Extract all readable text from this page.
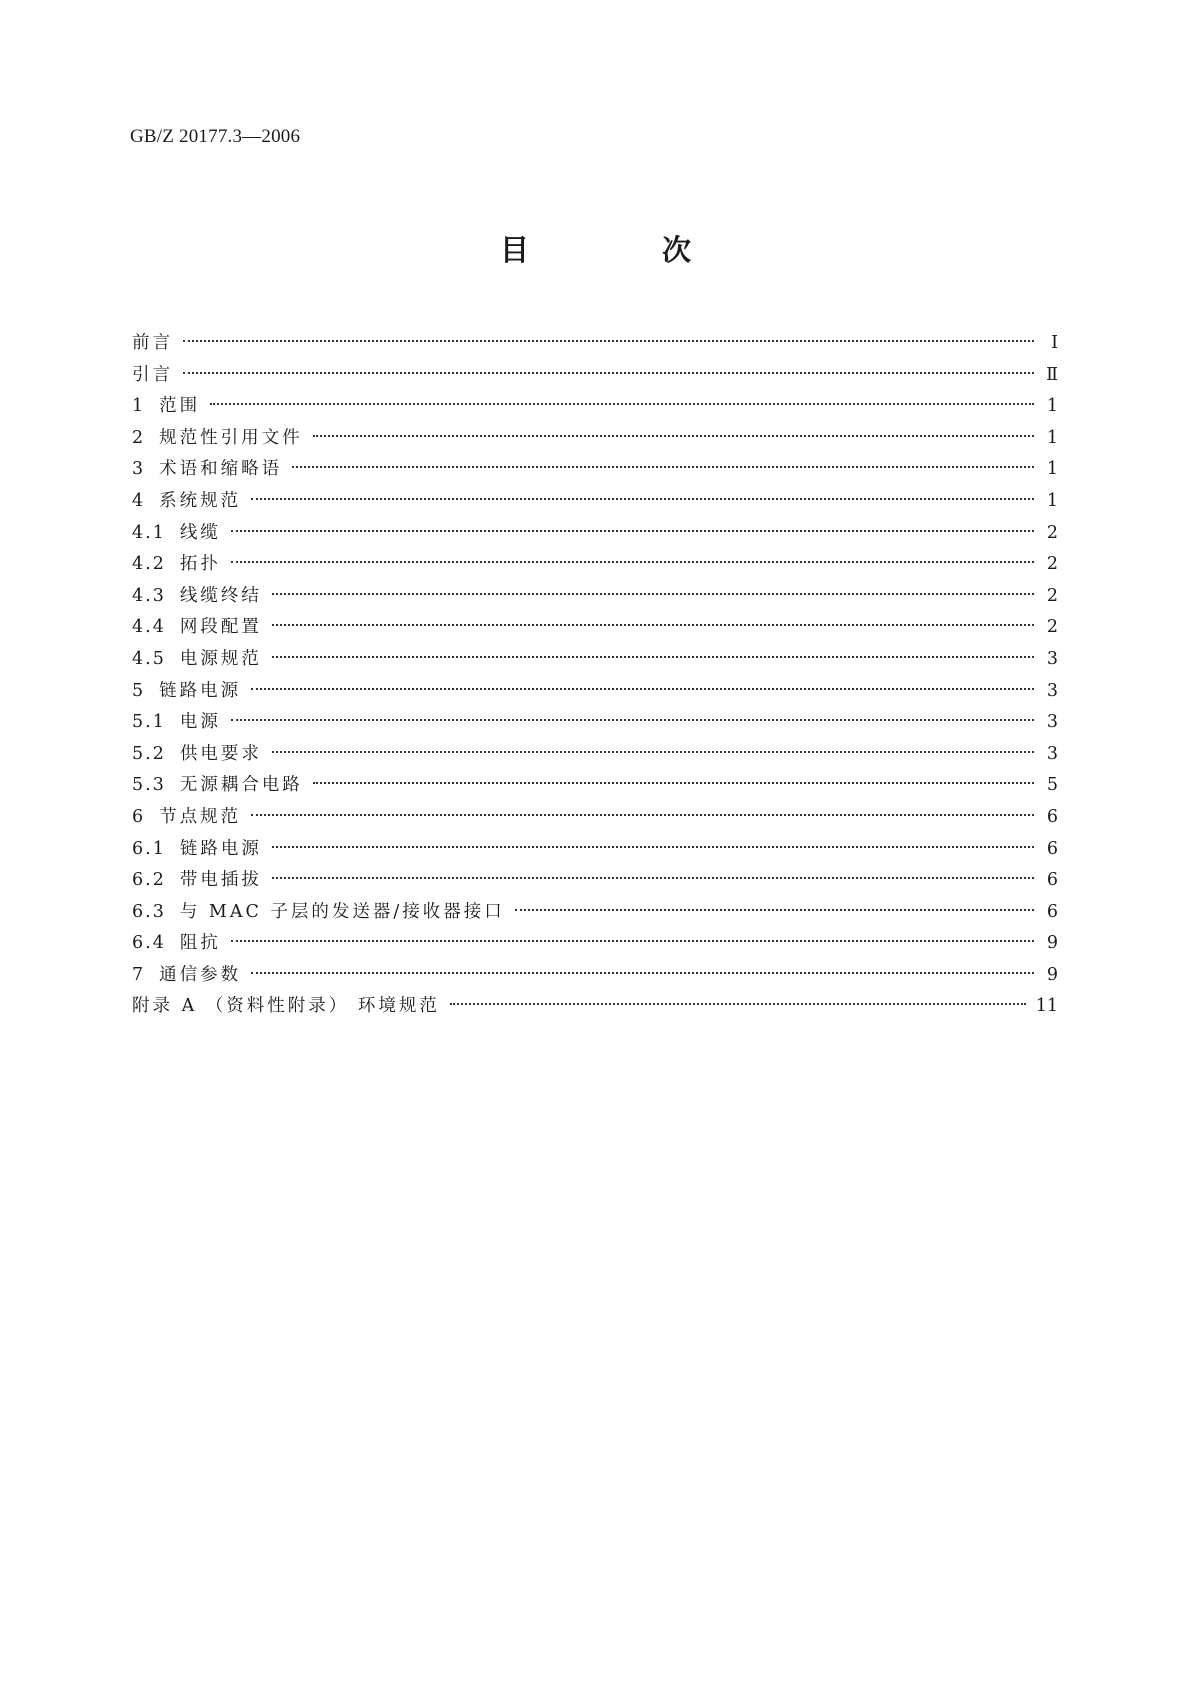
GB/Z 20177.3—2006
目　次
前言	Ⅰ
引言	Ⅱ
1 范围	1
2 规范性引用文件	1
3 术语和缩略语	1
4 系统规范	1
4.1 线缆	2
4.2 拓扑	2
4.3 线缆终结	2
4.4 网段配置	2
4.5 电源规范	3
5 链路电源	3
5.1 电源	3
5.2 供电要求	3
5.3 无源耦合电路	5
6 节点规范	6
6.1 链路电源	6
6.2 带电插拔	6
6.3 与 MAC 子层的发送器/接收器接口	6
6.4 阻抗	9
7 通信参数	9
附录 A （资料性附录） 环境规范	11
